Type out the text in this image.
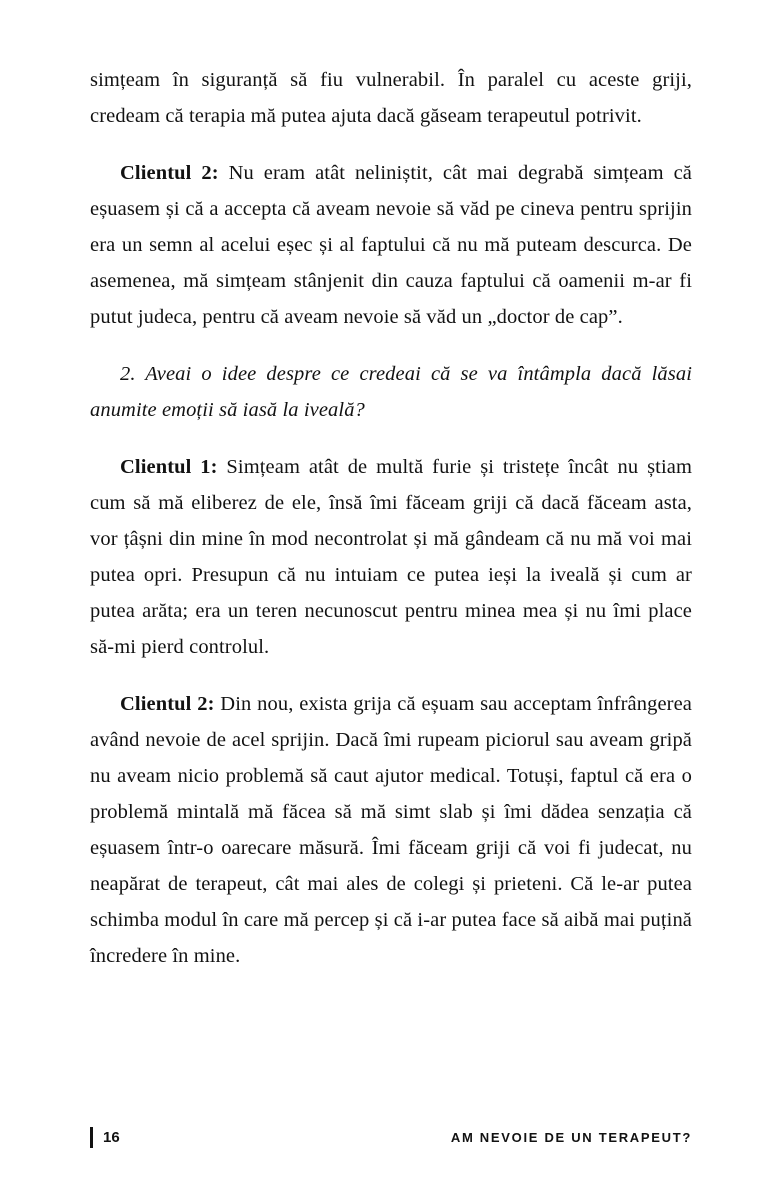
simțeam în siguranță să fiu vulnerabil. În paralel cu aceste griji, credeam că terapia mă putea ajuta dacă găseam terapeutul potrivit.

Clientul 2: Nu eram atât neliniștit, cât mai degrabă simțeam că eșuasem și că a accepta că aveam nevoie să văd pe cineva pentru sprijin era un semn al acelui eșec și al faptului că nu mă puteam descurca. De asemenea, mă simțeam stânjenit din cauza faptului că oamenii m-ar fi putut judeca, pentru că aveam nevoie să văd un „doctor de cap”.

2. Aveai o idee despre ce credeai că se va întâmpla dacă lăsai anumite emoții să iasă la iveală?

Clientul 1: Simțeam atât de multă furie și tristețe încât nu știam cum să mă eliberez de ele, însă îmi făceam griji că dacă făceam asta, vor țâșni din mine în mod necontrolat și mă gândeam că nu mă voi mai putea opri. Presupun că nu intuiam ce putea ieși la iveală și cum ar putea arăta; era un teren necunoscut pentru minea mea și nu îmi place să-mi pierd controlul.

Clientul 2: Din nou, exista grija că eșuam sau acceptam înfrângerea având nevoie de acel sprijin. Dacă îmi rupeam piciorul sau aveam gripă nu aveam nicio problemă să caut ajutor medical. Totuși, faptul că era o problemă mintală mă făcea să mă simt slab și îmi dădea senzația că eșuasem într-o oarecare măsură. Îmi făceam griji că voi fi judecat, nu neapărat de terapeut, cât mai ales de colegi și prieteni. Că le-ar putea schimba modul în care mă percep și că i-ar putea face să aibă mai puțină încredere în mine.

16	AM NEVOIE DE UN TERAPEUT?
